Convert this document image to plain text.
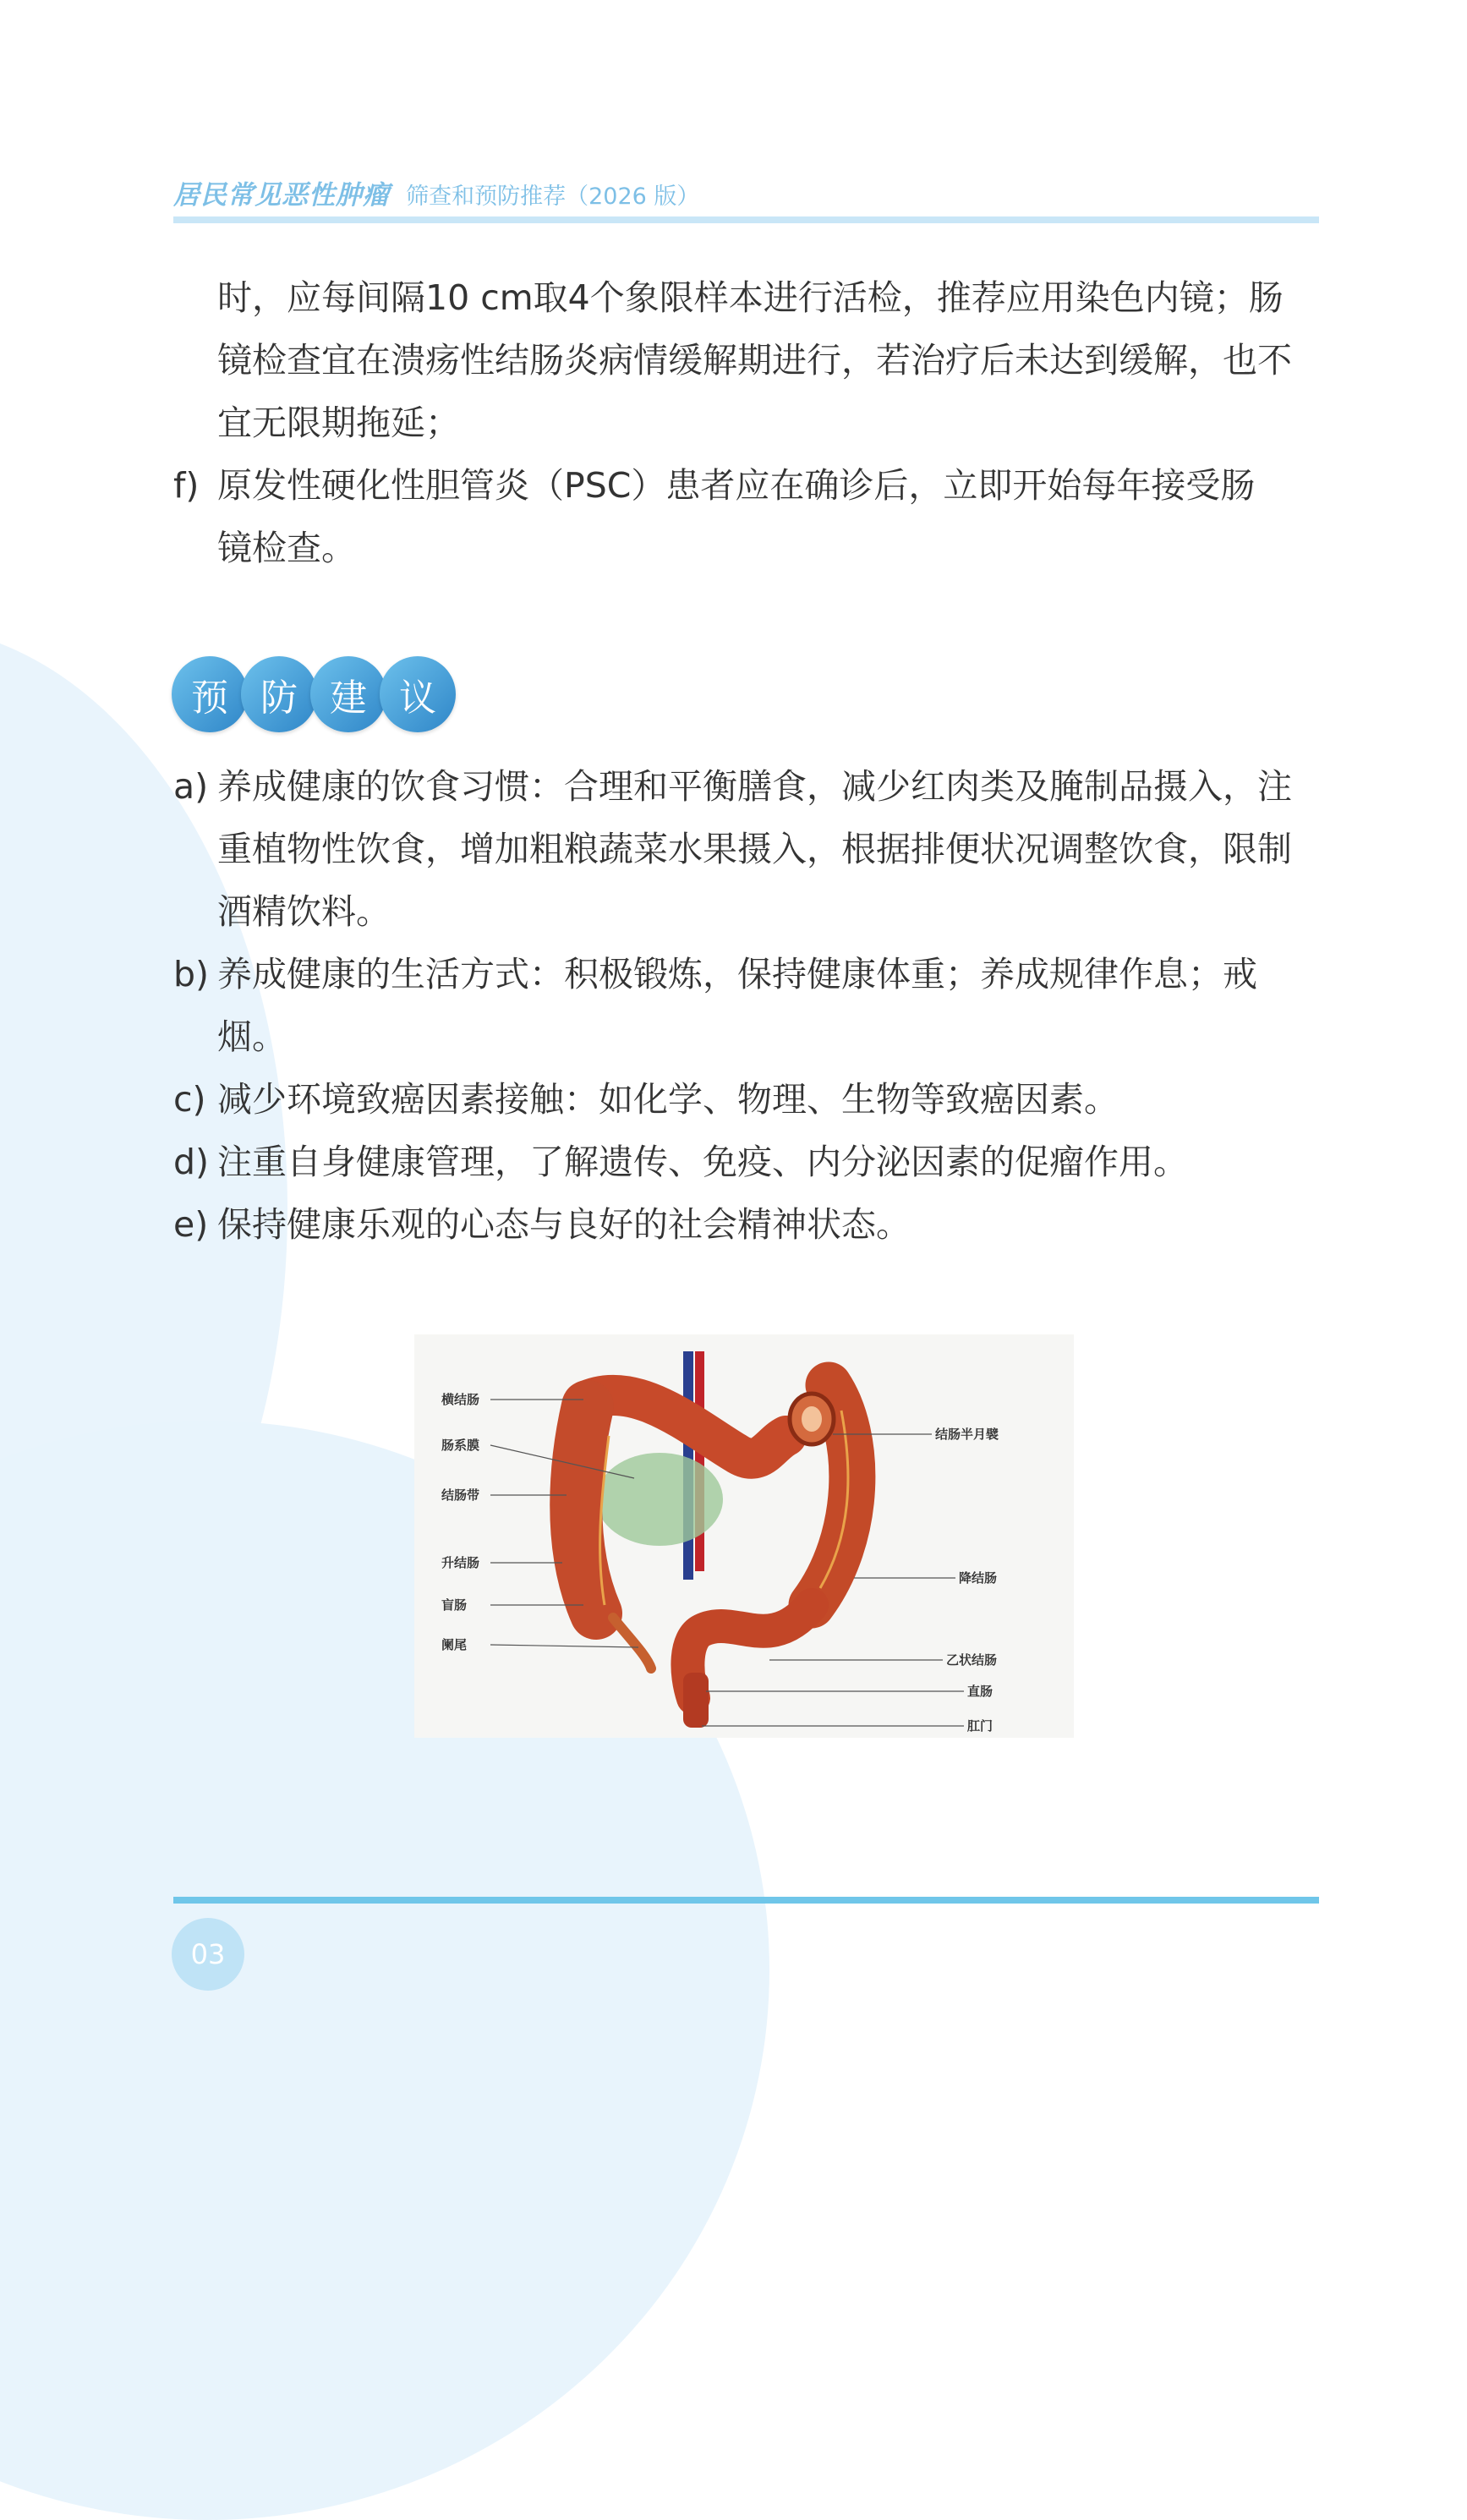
居民常见恶性肿瘤 筛查和预防推荐（2026 版）
时，应每间隔10 cm取4个象限样本进行活检，推荐应用染色内镜；肠
镜检查宜在溃疡性结肠炎病情缓解期进行，若治疗后未达到缓解，也不
宜无限期拖延；
f) 原发性硬化性胆管炎（PSC）患者应在确诊后，立即开始每年接受肠
镜检查。
预 防 建 议
a) 养成健康的饮食习惯：合理和平衡膳食，减少红肉类及腌制品摄入，注
重植物性饮食，增加粗粮蔬菜水果摄入，根据排便状况调整饮食，限制
酒精饮料。
b) 养成健康的生活方式：积极锻炼，保持健康体重；养成规律作息；戒
烟。
c) 减少环境致癌因素接触：如化学、物理、生物等致癌因素。
d) 注重自身健康管理，了解遗传、免疫、内分泌因素的促瘤作用。
e) 保持健康乐观的心态与良好的社会精神状态。
横结肠
肠系膜
结肠带
升结肠
盲肠
阑尾
结肠半月襞
降结肠
乙状结肠
直肠
肛门
03
